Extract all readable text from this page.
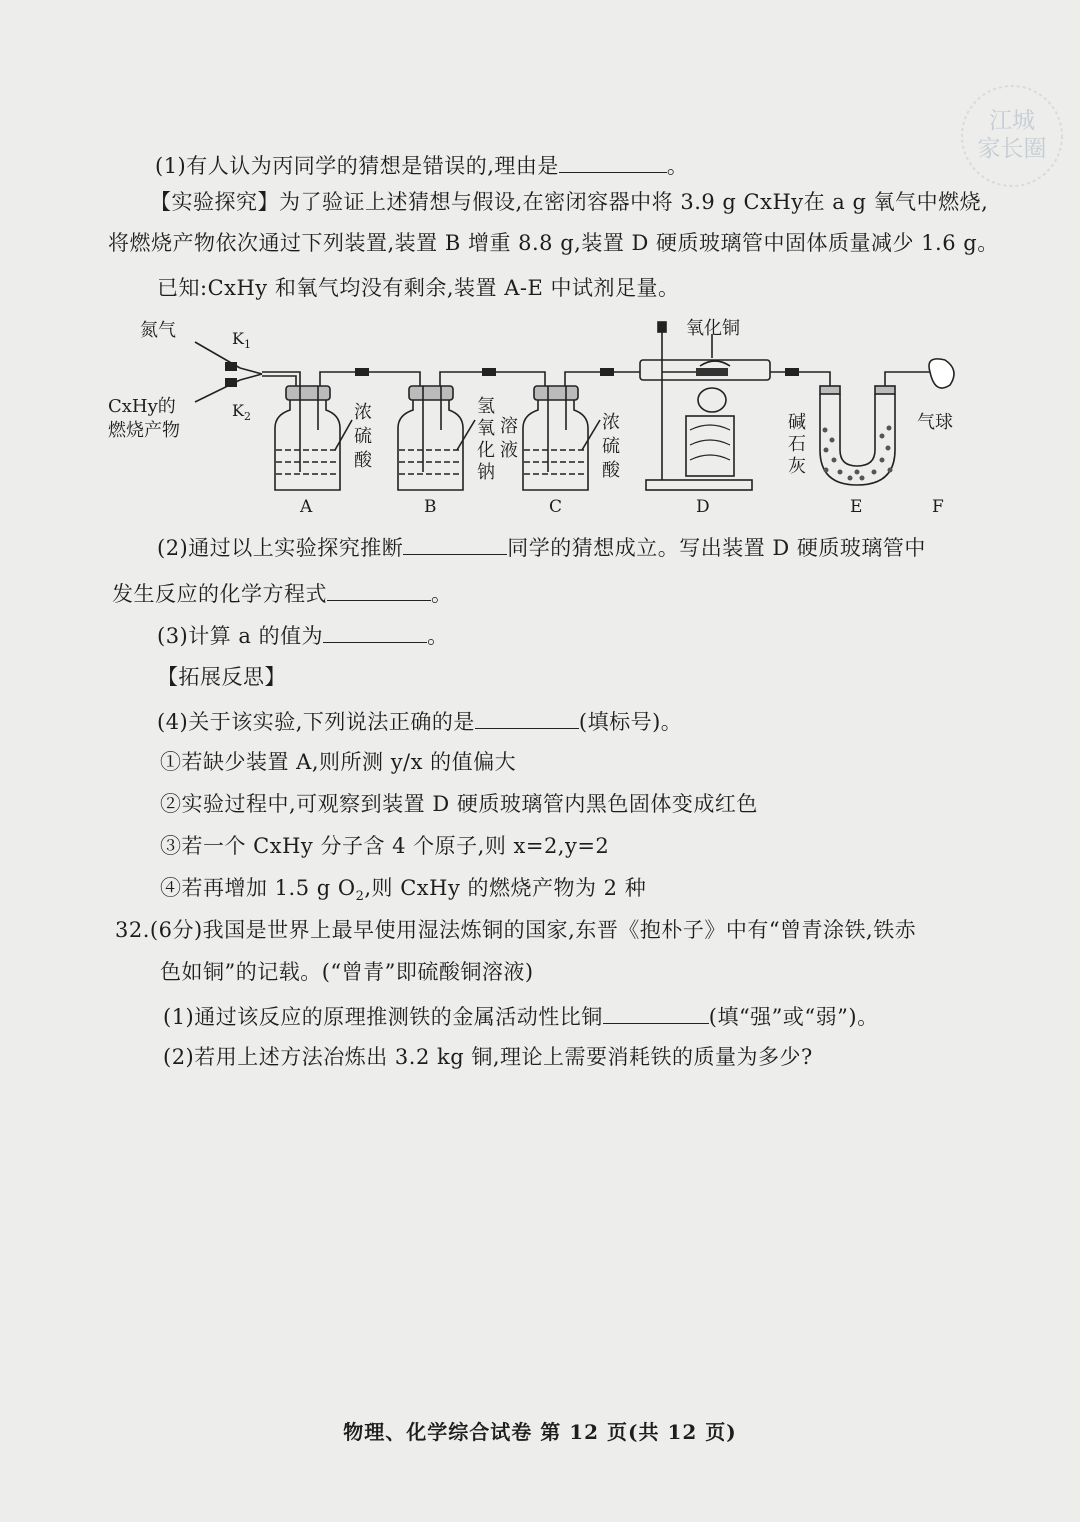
江城
家长圈
(1)有人认为丙同学的猜想是错误的,理由是	。
【实验探究】为了验证上述猜想与假设,在密闭容器中将 3.9 g CxHy在 a g 氧气中燃烧,
将燃烧产物依次通过下列装置,装置 B 增重 8.8 g,装置 D 硬质玻璃管中固体质量减少 1.6 g。
已知:CxHy 和氧气均没有剩余,装置 A-E 中试剂足量。
氮气	$K_1$
$K_2$
CxHy的
燃烧产物
浓
硫
酸
氢
氧
化
钠
溶
液
浓
硫
酸
氧化铜
碱
石
灰
气球
A	B	C	D	E	F
(2)通过以上实验探究推断	同学的猜想成立。写出装置 D 硬质玻璃管中
发生反应的化学方程式	。
(3)计算 a 的值为	。
【拓展反思】
(4)关于该实验,下列说法正确的是	(填标号)。
①若缺少装置 A,则所测 y/x 的值偏大
②实验过程中,可观察到装置 D 硬质玻璃管内黑色固体变成红色
③若一个 CxHy 分子含 4 个原子,则 x=2,y=2
④若再增加 1.5 g $O_2$,则 CxHy 的燃烧产物为 2 种
32.(6分)我国是世界上最早使用湿法炼铜的国家,东晋《抱朴子》中有“曾青涂铁,铁赤
色如铜”的记载。(“曾青”即硫酸铜溶液)
(1)通过该反应的原理推测铁的金属活动性比铜	(填“强”或“弱”)。
(2)若用上述方法冶炼出 3.2 kg 铜,理论上需要消耗铁的质量为多少?
物理、化学综合试卷 第 12 页(共 12 页)
